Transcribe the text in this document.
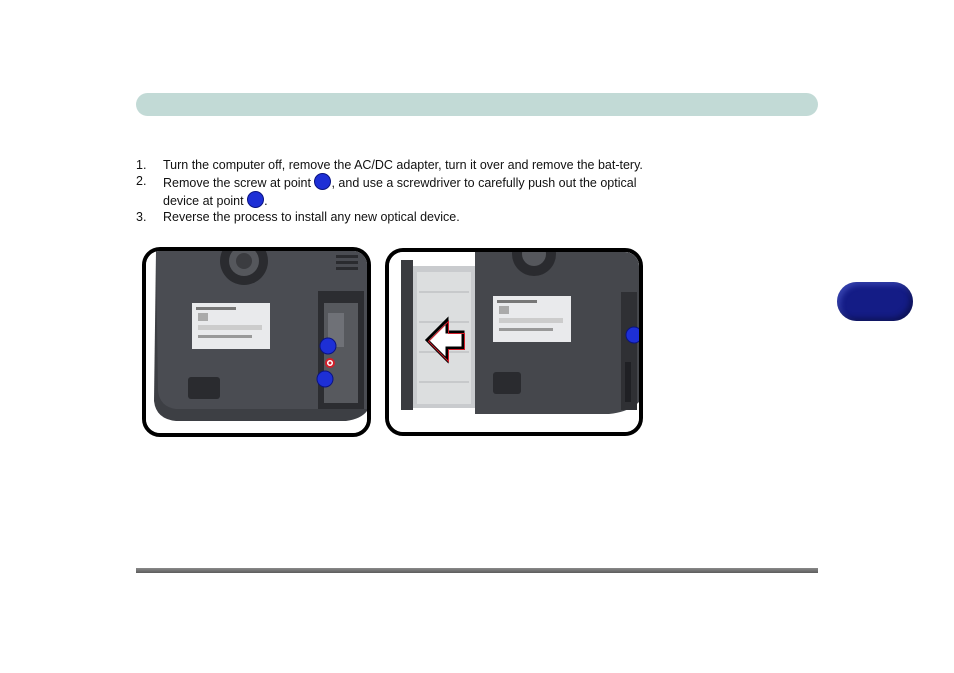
1. Turn the computer off, remove the AC/DC adapter, turn it over and remove the bat-tery.
2. Remove the screw at point , and use a screwdriver to carefully push out the optical device at point .
3. Reverse the process to install any new optical device.
